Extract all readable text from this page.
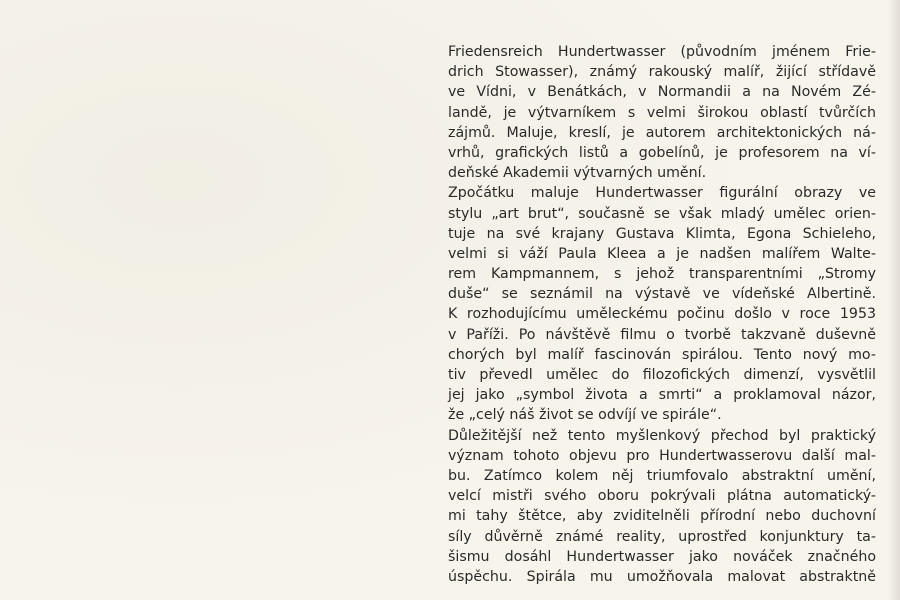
Friedensreich Hundertwasser (původním jménem Frie-
drich Stowasser), známý rakouský malíř, žijící střídavě
ve Vídni, v Benátkách, v Normandii a na Novém Zé-
landě, je výtvarníkem s velmi širokou oblastí tvůrčích
zájmů. Maluje, kreslí, je autorem architektonických ná-
vrhů, grafických listů a gobelínů, je profesorem na ví-
deňské Akademii výtvarných umění.
Zpočátku maluje Hundertwasser figurální obrazy ve
stylu „art brut“, současně se však mladý umělec orien-
tuje na své krajany Gustava Klimta, Egona Schieleho,
velmi si váží Paula Kleea a je nadšen malířem Walte-
rem Kampmannem, s jehož transparentními „Stromy
duše“ se seznámil na výstavě ve vídeňské Albertině.
K rozhodujícímu uměleckému počinu došlo v roce 1953
v Paříži. Po návštěvě filmu o tvorbě takzvaně duševně
chorých byl malíř fascinován spirálou. Tento nový mo-
tiv převedl umělec do filozofických dimenzí, vysvětlil
jej jako „symbol života a smrti“ a proklamoval názor,
že „celý náš život se odvíjí ve spirále“.
Důležitější než tento myšlenkový přechod byl praktický
význam tohoto objevu pro Hundertwasserovu další mal-
bu. Zatímco kolem něj triumfovalo abstraktní umění,
velcí mistři svého oboru pokrývali plátna automatický-
mi tahy štětce, aby zviditelněli přírodní nebo duchovní
síly důvěrně známé reality, uprostřed konjunktury ta-
šismu dosáhl Hundertwasser jako nováček značného
úspěchu. Spirála mu umožňovala malovat abstraktně
